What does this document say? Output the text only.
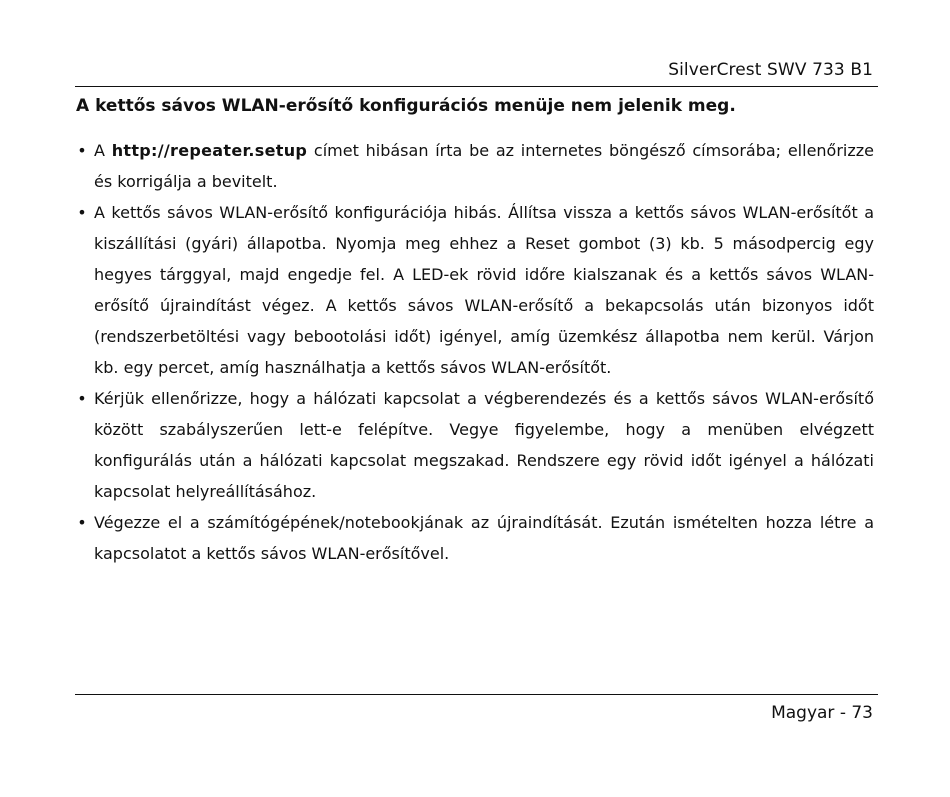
SilverCrest SWV 733 B1
A kettős sávos WLAN-erősítő konfigurációs menüje nem jelenik meg.
• A http://repeater.setup címet hibásan írta be az internetes böngésző címsorába; ellenőrizze és korrigálja a bevitelt.
• A kettős sávos WLAN-erősítő konfigurációja hibás. Állítsa vissza a kettős sávos WLAN-erősítőt a kiszállítási (gyári) állapotba. Nyomja meg ehhez a Reset gombot (3) kb. 5 másodpercig egy hegyes tárggyal, majd engedje fel. A LED-ek rövid időre kialszanak és a kettős sávos WLAN-erősítő újraindítást végez. A kettős sávos WLAN-erősítő a bekapcsolás után bizonyos időt (rendszerbetöltési vagy bebootolási időt) igényel, amíg üzemkész állapotba nem kerül. Várjon kb. egy percet, amíg használhatja a kettős sávos WLAN-erősítőt.
• Kérjük ellenőrizze, hogy a hálózati kapcsolat a végberendezés és a kettős sávos WLAN-erősítő között szabályszerűen lett-e felépítve. Vegye figyelembe, hogy a menüben elvégzett konfigurálás után a hálózati kapcsolat megszakad. Rendszere egy rövid időt igényel a hálózati kapcsolat helyreállításához.
• Végezze el a számítógépének/notebookjának az újraindítását. Ezután ismételten hozza létre a kapcsolatot a kettős sávos WLAN-erősítővel.
Magyar - 73
